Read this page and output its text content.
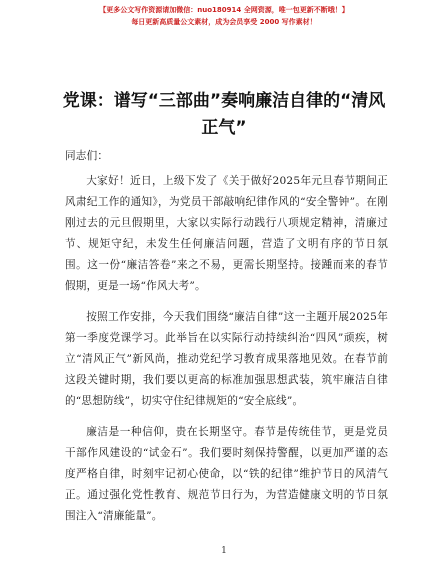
【更多公文写作资源请加微信：nuo180914 全网资源，唯一包更新不断哦！】
每日更新高质量公文素材，成为会员享受 2000 写作素材！
党课：谱写“三部曲”奏响廉洁自律的“清风
正气”

同志们：

大家好！近日，上级下发了《关于做好2025年元旦春节期间正风肃纪工作的通知》，为党员干部敲响纪律作风的“安全警钟”。在刚刚过去的元旦假期里，大家以实际行动践行八项规定精神，清廉过节、规矩守纪，未发生任何廉洁问题，营造了文明有序的节日氛围。这一份“廉洁答卷”来之不易，更需长期坚持。接踵而来的春节假期，更是一场“作风大考”。

按照工作安排，今天我们围绕“廉洁自律”这一主题开展2025年第一季度党课学习。此举旨在以实际行动持续纠治“四风”顽疾，树立“清风正气”新风尚，推动党纪学习教育成果落地见效。在春节前这段关键时期，我们要以更高的标准加强思想武装，筑牢廉洁自律的“思想防线”，切实守住纪律规矩的“安全底线”。

廉洁是一种信仰，贵在长期坚守。春节是传统佳节，更是党员干部作风建设的“试金石”。我们要时刻保持警醒，以更加严谨的态度严格自律，时刻牢记初心使命，以“铁的纪律”维护节日的风清气正。通过强化党性教育、规范节日行为，为营造健康文明的节日氛围注入“清廉能量”。

1
